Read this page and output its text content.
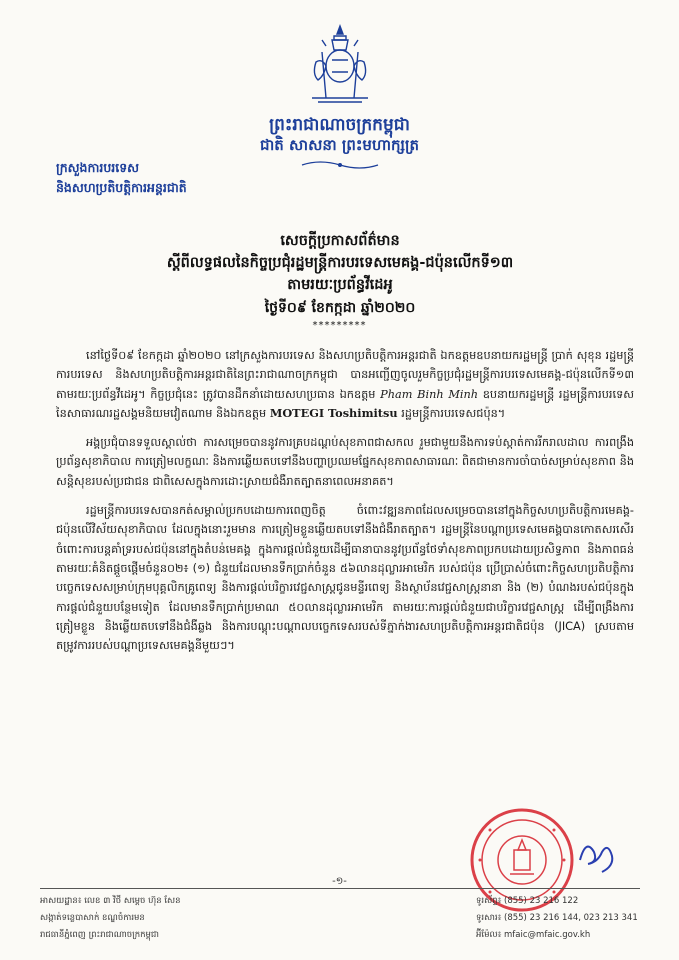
ព្រះរាជាណាចក្រកម្ពុជា
ជាតិ សាសនា ព្រះមហាក្សត្រ
ក្រសួងការបរទេស
និងសហប្រតិបត្តិការអន្តរជាតិ
សេចក្ដីប្រកាសព័ត៌មាន
ស្ដីពីលទ្ធផលនៃកិច្ចប្រជុំរដ្ឋមន្ត្រីការបរទេសមេគង្គ-ជប៉ុនលើកទី១៣
តាមរយៈប្រព័ន្ធវីដេអូ
ថ្ងៃទី០៩ ខែកក្កដា ឆ្នាំ២០២០
*********

នៅថ្ងៃទី០៩ ខែកក្កដា ឆ្នាំ២០២០ នៅក្រសួងការបរទេស និងសហប្រតិបត្តិការអន្តរជាតិ ឯកឧត្តមឧបនាយករដ្ឋមន្ត្រី ប្រាក់ សុខុន រដ្ឋមន្ត្រីការបរទេស និងសហប្រតិបត្តិការអន្តរជាតិនៃព្រះរាជាណាចក្រកម្ពុជា បានអញ្ជើញចូលរួមកិច្ចប្រជុំរដ្ឋមន្ត្រីការបរទេសមេគង្គ-ជប៉ុនលើកទី១៣ តាមរយៈប្រព័ន្ធវីដេអូ។ កិច្ចប្រជុំនេះ ត្រូវបានដឹកនាំដោយសហប្រធាន ឯកឧត្តម Pham Binh Minh ឧបនាយករដ្ឋមន្ត្រី រដ្ឋមន្ត្រីការបរទេសនៃសាធារណរដ្ឋសង្គមនិយមវៀតណាម និងឯកឧត្តម MOTEGI Toshimitsu រដ្ឋមន្ត្រីការបរទេសជប៉ុន។

អង្គប្រជុំបានទទួលស្គាល់ថា ការសម្រេចបាននូវការគ្របដណ្ដប់សុខភាពជាសកល រួមជាមួយនឹងការទប់ស្កាត់ការរីករាលដាល ការពង្រឹងប្រព័ន្ធសុខាភិបាល ការត្រៀមលក្ខណៈ និងការឆ្លើយតបទៅនឹងបញ្ហាប្រឈមផ្នែកសុខភាពសាធារណៈ ពិតជាមានការចាំបាច់សម្រាប់សុខភាព និងសន្តិសុខរបស់ប្រជាជន ជាពិសេសក្នុងការដោះស្រាយជំងឺរាតត្បាតនាពេលអនាគត។

រដ្ឋមន្ត្រីការបរទេសបានកត់សម្គាល់ប្រកបដោយការពេញចិត្ត ចំពោះវឌ្ឍនភាពដែលសម្រេចបាននៅក្នុងកិច្ចសហប្រតិបត្តិការមេគង្គ-ជប៉ុនលើវិស័យសុខាភិបាល ដែលក្នុងនោះរួមមាន ការត្រៀមខ្លួនឆ្លើយតបទៅនឹងជំងឺរាតត្បាត។ រដ្ឋមន្ត្រីនៃបណ្ដាប្រទេសមេគង្គបានកោតសរសើរចំពោះការបន្តគាំទ្ររបស់ជប៉ុននៅក្នុងតំបន់មេគង្គ ក្នុងការផ្ដល់ជំនួយដើម្បីធានាបាននូវប្រព័ន្ធថែទាំសុខភាពប្រកបដោយប្រសិទ្ធភាព និងភាពធន់ តាមរយៈគំនិតផ្ដួចផ្ដើមចំនួន០២៖ (១) ជំនួយដែលមានទឹកប្រាក់ចំនួន ៥៦លានដុល្លារអាមេរិក របស់ជប៉ុន ប្រើប្រាស់ចំពោះកិច្ចសហប្រតិបត្តិការបច្ចេកទេសសម្រាប់ក្រុមបុគ្គលិកគ្រូពេទ្យ និងការផ្ដល់បរិក្ខារវេជ្ជសាស្ត្រជូនមន្ទីរពេទ្យ និងស្ថាប័នវេជ្ជសាស្ត្រនានា និង (២) បំណងរបស់ជប៉ុនក្នុងការផ្ដល់ជំនួយបន្ថែមទៀត ដែលមានទឹកប្រាក់ប្រមាណ ៥០លានដុល្លារអាមេរិក តាមរយៈការផ្ដល់ជំនួយជាបរិក្ខារវេជ្ជសាស្ត្រ ដើម្បីពង្រឹងការត្រៀមខ្លួន និងឆ្លើយតបទៅនឹងជំងឺឆ្លង និងការបណ្ដុះបណ្ដាលបច្ចេកទេសរបស់ទីភ្នាក់ងារសហប្រតិបត្តិការអន្តរជាតិជប៉ុន (JICA) ស្របតាមតម្រូវការរបស់បណ្ដាប្រទេសមេគង្គនីមួយៗ។

-១-
អាសយដ្ឋាន៖ លេខ ៣ វិថី សម្ដេច ហ៊ុន សែន
សង្កាត់ទន្លេបាសាក់ ខណ្ឌចំការមន
រាជធានីភ្នំពេញ ព្រះរាជាណាចក្រកម្ពុជា
ទូរស័ព្ទ៖ (855) 23 216 122
ទូរសារ៖ (855) 23 216 144, 023 213 341
អ៊ីម៉ែល៖ mfaic@mfaic.gov.kh
